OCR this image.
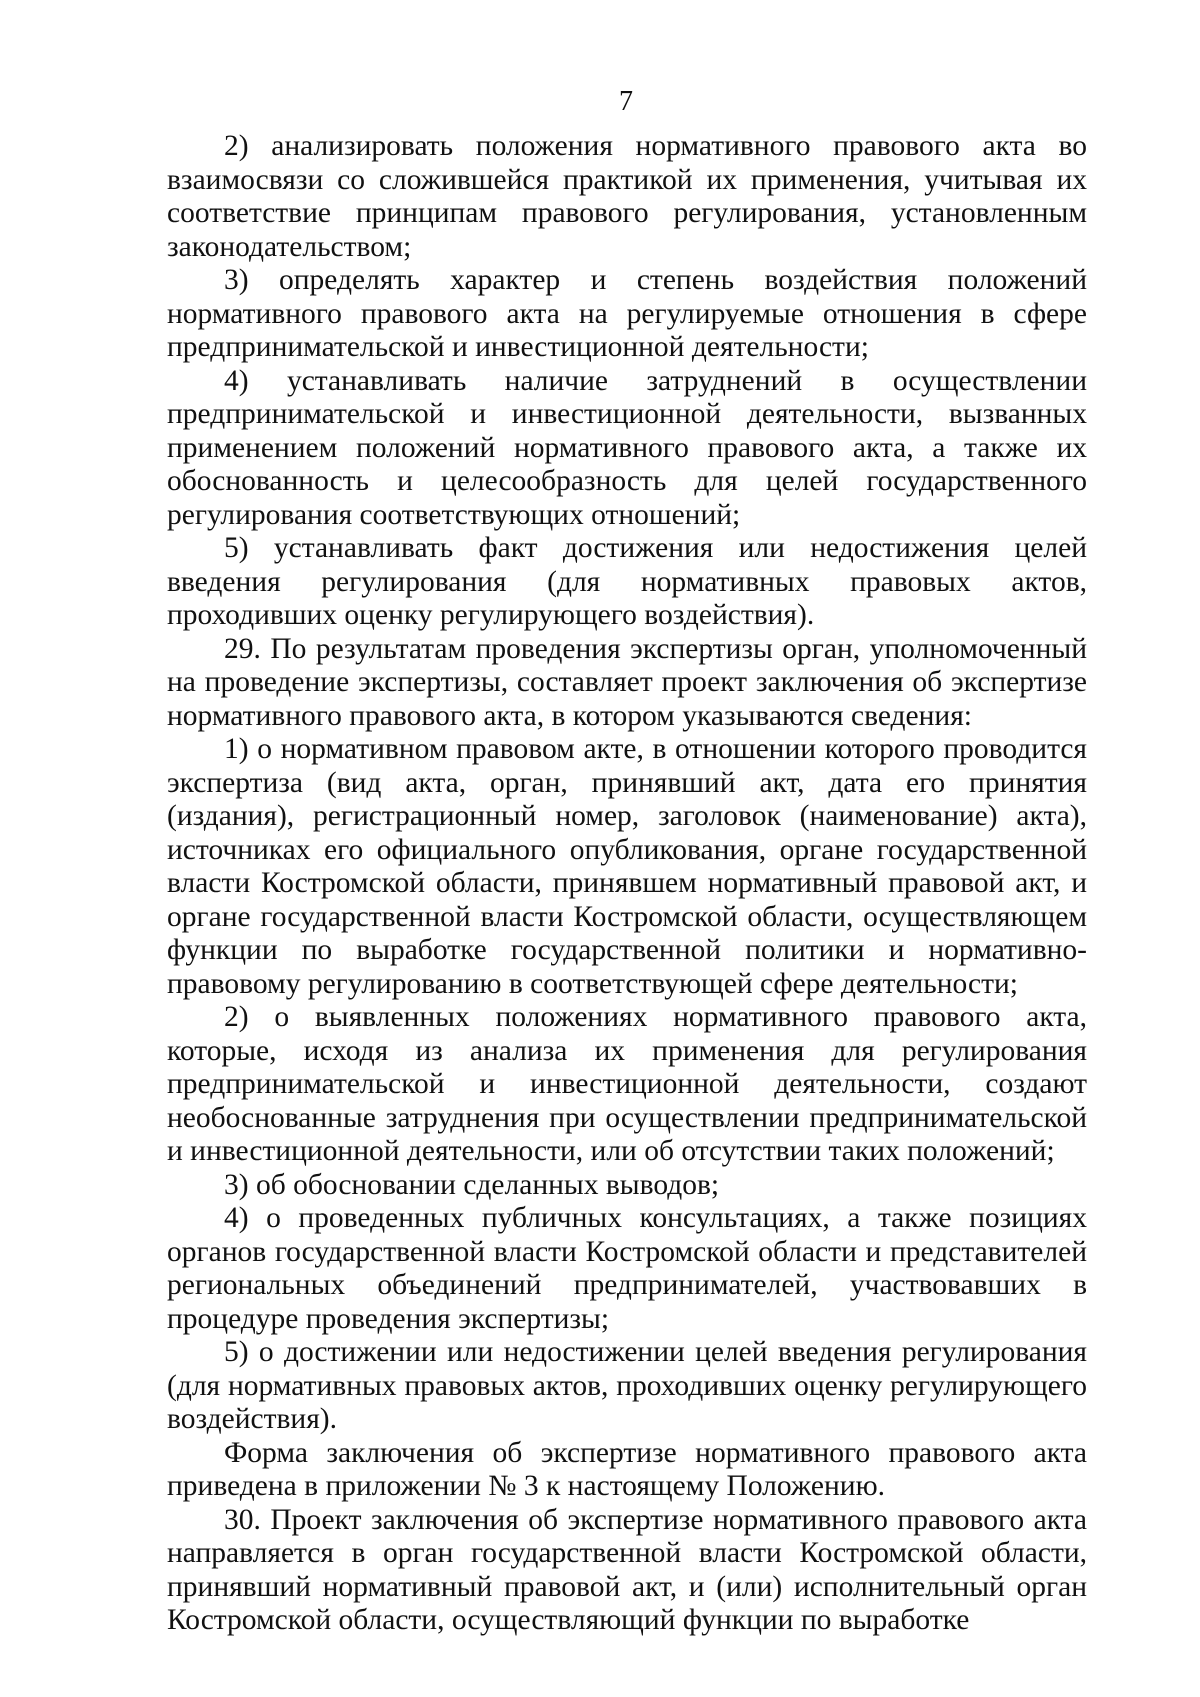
7

2) анализировать положения нормативного правового акта во взаимосвязи со сложившейся практикой их применения, учитывая их соответствие принципам правового регулирования, установленным законодательством;

3) определять характер и степень воздействия положений нормативного правового акта на регулируемые отношения в сфере предпринимательской и инвестиционной деятельности;

4) устанавливать наличие затруднений в осуществлении предпринимательской и инвестиционной деятельности, вызванных применением положений нормативного правового акта, а также их обоснованность и целесообразность для целей государственного регулирования соответствующих отношений;

5) устанавливать факт достижения или недостижения целей введения регулирования (для нормативных правовых актов, проходивших оценку регулирующего воздействия).

29. По результатам проведения экспертизы орган, уполномоченный на проведение экспертизы, составляет проект заключения об экспертизе нормативного правового акта, в котором указываются сведения:

1) о нормативном правовом акте, в отношении которого проводится экспертиза (вид акта, орган, принявший акт, дата его принятия (издания), регистрационный номер, заголовок (наименование) акта), источниках его официального опубликования, органе государственной власти Костромской области, принявшем нормативный правовой акт, и органе государственной власти Костромской области, осуществляющем функции по выработке государственной политики и нормативно-правовому регулированию в соответствующей сфере деятельности;

2) о выявленных положениях нормативного правового акта, которые, исходя из анализа их применения для регулирования предпринимательской и инвестиционной деятельности, создают необоснованные затруднения при осуществлении предпринимательской и инвестиционной деятельности, или об отсутствии таких положений;

3) об обосновании сделанных выводов;

4) о проведенных публичных консультациях, а также позициях органов государственной власти Костромской области и представителей региональных объединений предпринимателей, участвовавших в процедуре проведения экспертизы;

5) о достижении или недостижении целей введения регулирования (для нормативных правовых актов, проходивших оценку регулирующего воздействия).

Форма заключения об экспертизе нормативного правового акта приведена в приложении № 3 к настоящему Положению.

30. Проект заключения об экспертизе нормативного правового акта направляется в орган государственной власти Костромской области, принявший нормативный правовой акт, и (или) исполнительный орган Костромской области, осуществляющий функции по выработке
